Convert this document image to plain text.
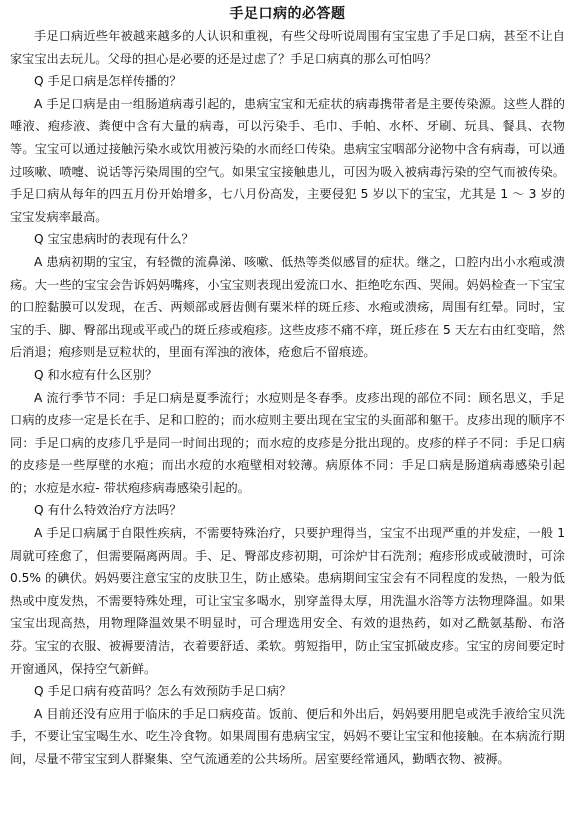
手足口病的必答题

手足口病近些年被越来越多的人认识和重视，有些父母听说周围有宝宝患了手足口病，甚至不让自家宝宝出去玩儿。父母的担心是必要的还是过虑了？手足口病真的那么可怕吗？

Q 手足口病是怎样传播的？

A 手足口病是由一组肠道病毒引起的，患病宝宝和无症状的病毒携带者是主要传染源。这些人群的唾液、疱疹液、粪便中含有大量的病毒，可以污染手、毛巾、手帕、水杯、牙刷、玩具、餐具、衣物等。宝宝可以通过接触污染水或饮用被污染的水而经口传染。患病宝宝咽部分泌物中含有病毒，可以通过咳嗽、喷嚏、说话等污染周围的空气。如果宝宝接触患儿，可因为吸入被病毒污染的空气而被传染。手足口病从每年的四五月份开始增多，七八月份高发，主要侵犯 5 岁以下的宝宝，尤其是 1 ～ 3 岁的宝宝发病率最高。

Q 宝宝患病时的表现有什么？

A 患病初期的宝宝，有轻微的流鼻涕、咳嗽、低热等类似感冒的症状。继之，口腔内出小水疱或溃疡。大一些的宝宝会告诉妈妈嘴疼，小宝宝则表现出爱流口水、拒绝吃东西、哭闹。妈妈检查一下宝宝的口腔黏膜可以发现，在舌、两颊部或唇齿侧有粟米样的斑丘疹、水疱或溃疡，周围有红晕。同时，宝宝的手、脚、臀部出现或平或凸的斑丘疹或疱疹。这些皮疹不痛不痒，斑丘疹在 5 天左右由红变暗，然后消退；疱疹则是豆粒状的，里面有浑浊的液体，疮愈后不留痕迹。

Q 和水痘有什么区别？

A 流行季节不同：手足口病是夏季流行；水痘则是冬春季。皮疹出现的部位不同：顾名思义，手足口病的皮疹一定是长在手、足和口腔的；而水痘则主要出现在宝宝的头面部和躯干。皮疹出现的顺序不同：手足口病的皮疹几乎是同一时间出现的；而水痘的皮疹是分批出现的。皮疹的样子不同：手足口病的皮疹是一些厚壁的水疱；而出水痘的水疱壁相对较薄。病原体不同：手足口病是肠道病毒感染引起的；水痘是水痘- 带状疱疹病毒感染引起的。

Q 有什么特效治疗方法吗？

A 手足口病属于自限性疾病，不需要特殊治疗，只要护理得当，宝宝不出现严重的并发症，一般 1 周就可痊愈了，但需要隔离两周。手、足、臀部皮疹初期，可涂炉甘石洗剂；疱疹形成或破溃时，可涂 0.5% 的碘伏。妈妈要注意宝宝的皮肤卫生，防止感染。患病期间宝宝会有不同程度的发热，一般为低热或中度发热，不需要特殊处理，可让宝宝多喝水，别穿盖得太厚，用洗温水浴等方法物理降温。如果宝宝出现高热，用物理降温效果不明显时，可合理选用安全、有效的退热药，如对乙酰氨基酚、布洛芬。宝宝的衣服、被褥要清洁，衣着要舒适、柔软。剪短指甲，防止宝宝抓破皮疹。宝宝的房间要定时开窗通风，保持空气新鲜。

Q 手足口病有疫苗吗？怎么有效预防手足口病？

A 目前还没有应用于临床的手足口病疫苗。饭前、便后和外出后，妈妈要用肥皂或洗手液给宝贝洗手，不要让宝宝喝生水、吃生冷食物。如果周围有患病宝宝，妈妈不要让宝宝和他接触。在本病流行期间，尽量不带宝宝到人群聚集、空气流通差的公共场所。居室要经常通风，勤晒衣物、被褥。
